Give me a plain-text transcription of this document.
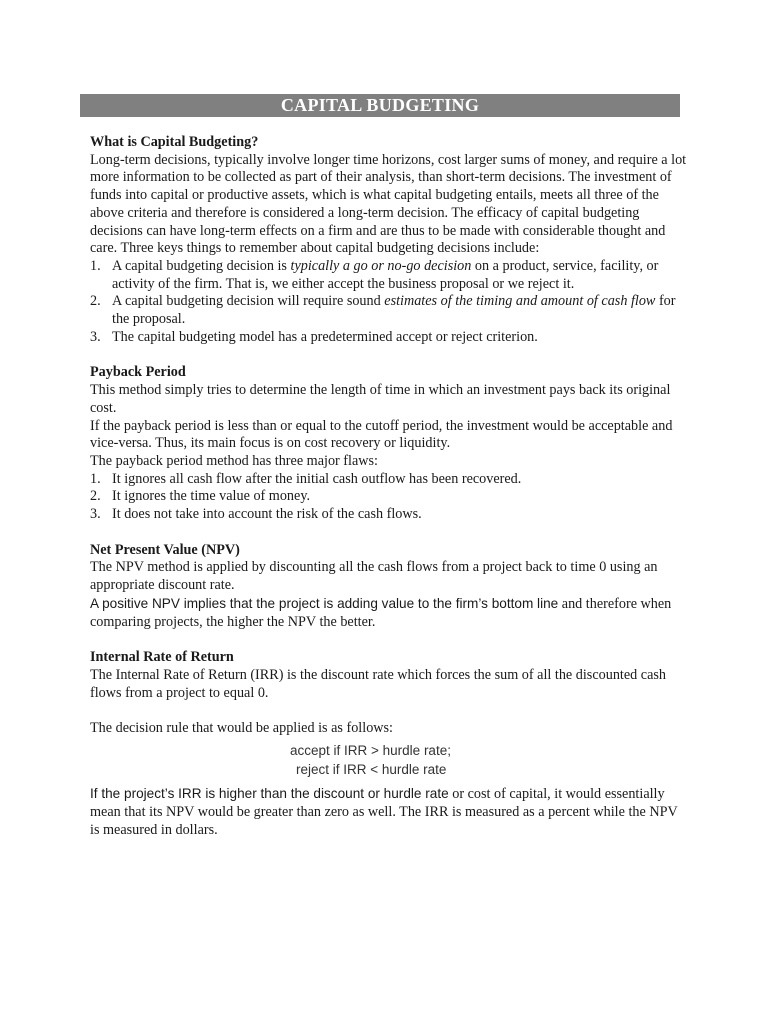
CAPITAL BUDGETING

What is Capital Budgeting?

Long-term decisions, typically involve longer time horizons, cost larger sums of money, and require a lot more information to be collected as part of their analysis, than short-term decisions. The investment of funds into capital or productive assets, which is what capital budgeting entails, meets all three of the above criteria and therefore is considered a long-term decision. The efficacy of capital budgeting decisions can have long-term effects on a firm and are thus to be made with considerable thought and care. Three keys things to remember about capital budgeting decisions include:

1. A capital budgeting decision is typically a go or no-go decision on a product, service, facility, or activity of the firm. That is, we either accept the business proposal or we reject it.
2. A capital budgeting decision will require sound estimates of the timing and amount of cash flow for the proposal.
3. The capital budgeting model has a predetermined accept or reject criterion.

Payback Period

This method simply tries to determine the length of time in which an investment pays back its original cost.

If the payback period is less than or equal to the cutoff period, the investment would be acceptable and vice-versa. Thus, its main focus is on cost recovery or liquidity.

The payback period method has three major flaws:

1. It ignores all cash flow after the initial cash outflow has been recovered.
2. It ignores the time value of money.
3. It does not take into account the risk of the cash flows.

Net Present Value (NPV)

The NPV method is applied by discounting all the cash flows from a project back to time 0 using an appropriate discount rate.

A positive NPV implies that the project is adding value to the firm’s bottom line and therefore when comparing projects, the higher the NPV the better.

Internal Rate of Return

The Internal Rate of Return (IRR) is the discount rate which forces the sum of all the discounted cash flows from a project to equal 0.

The decision rule that would be applied is as follows:

accept if IRR > hurdle rate;
reject if IRR < hurdle rate

If the project’s IRR is higher than the discount or hurdle rate or cost of capital, it would essentially mean that its NPV would be greater than zero as well. The IRR is measured as a percent while the NPV is measured in dollars.
